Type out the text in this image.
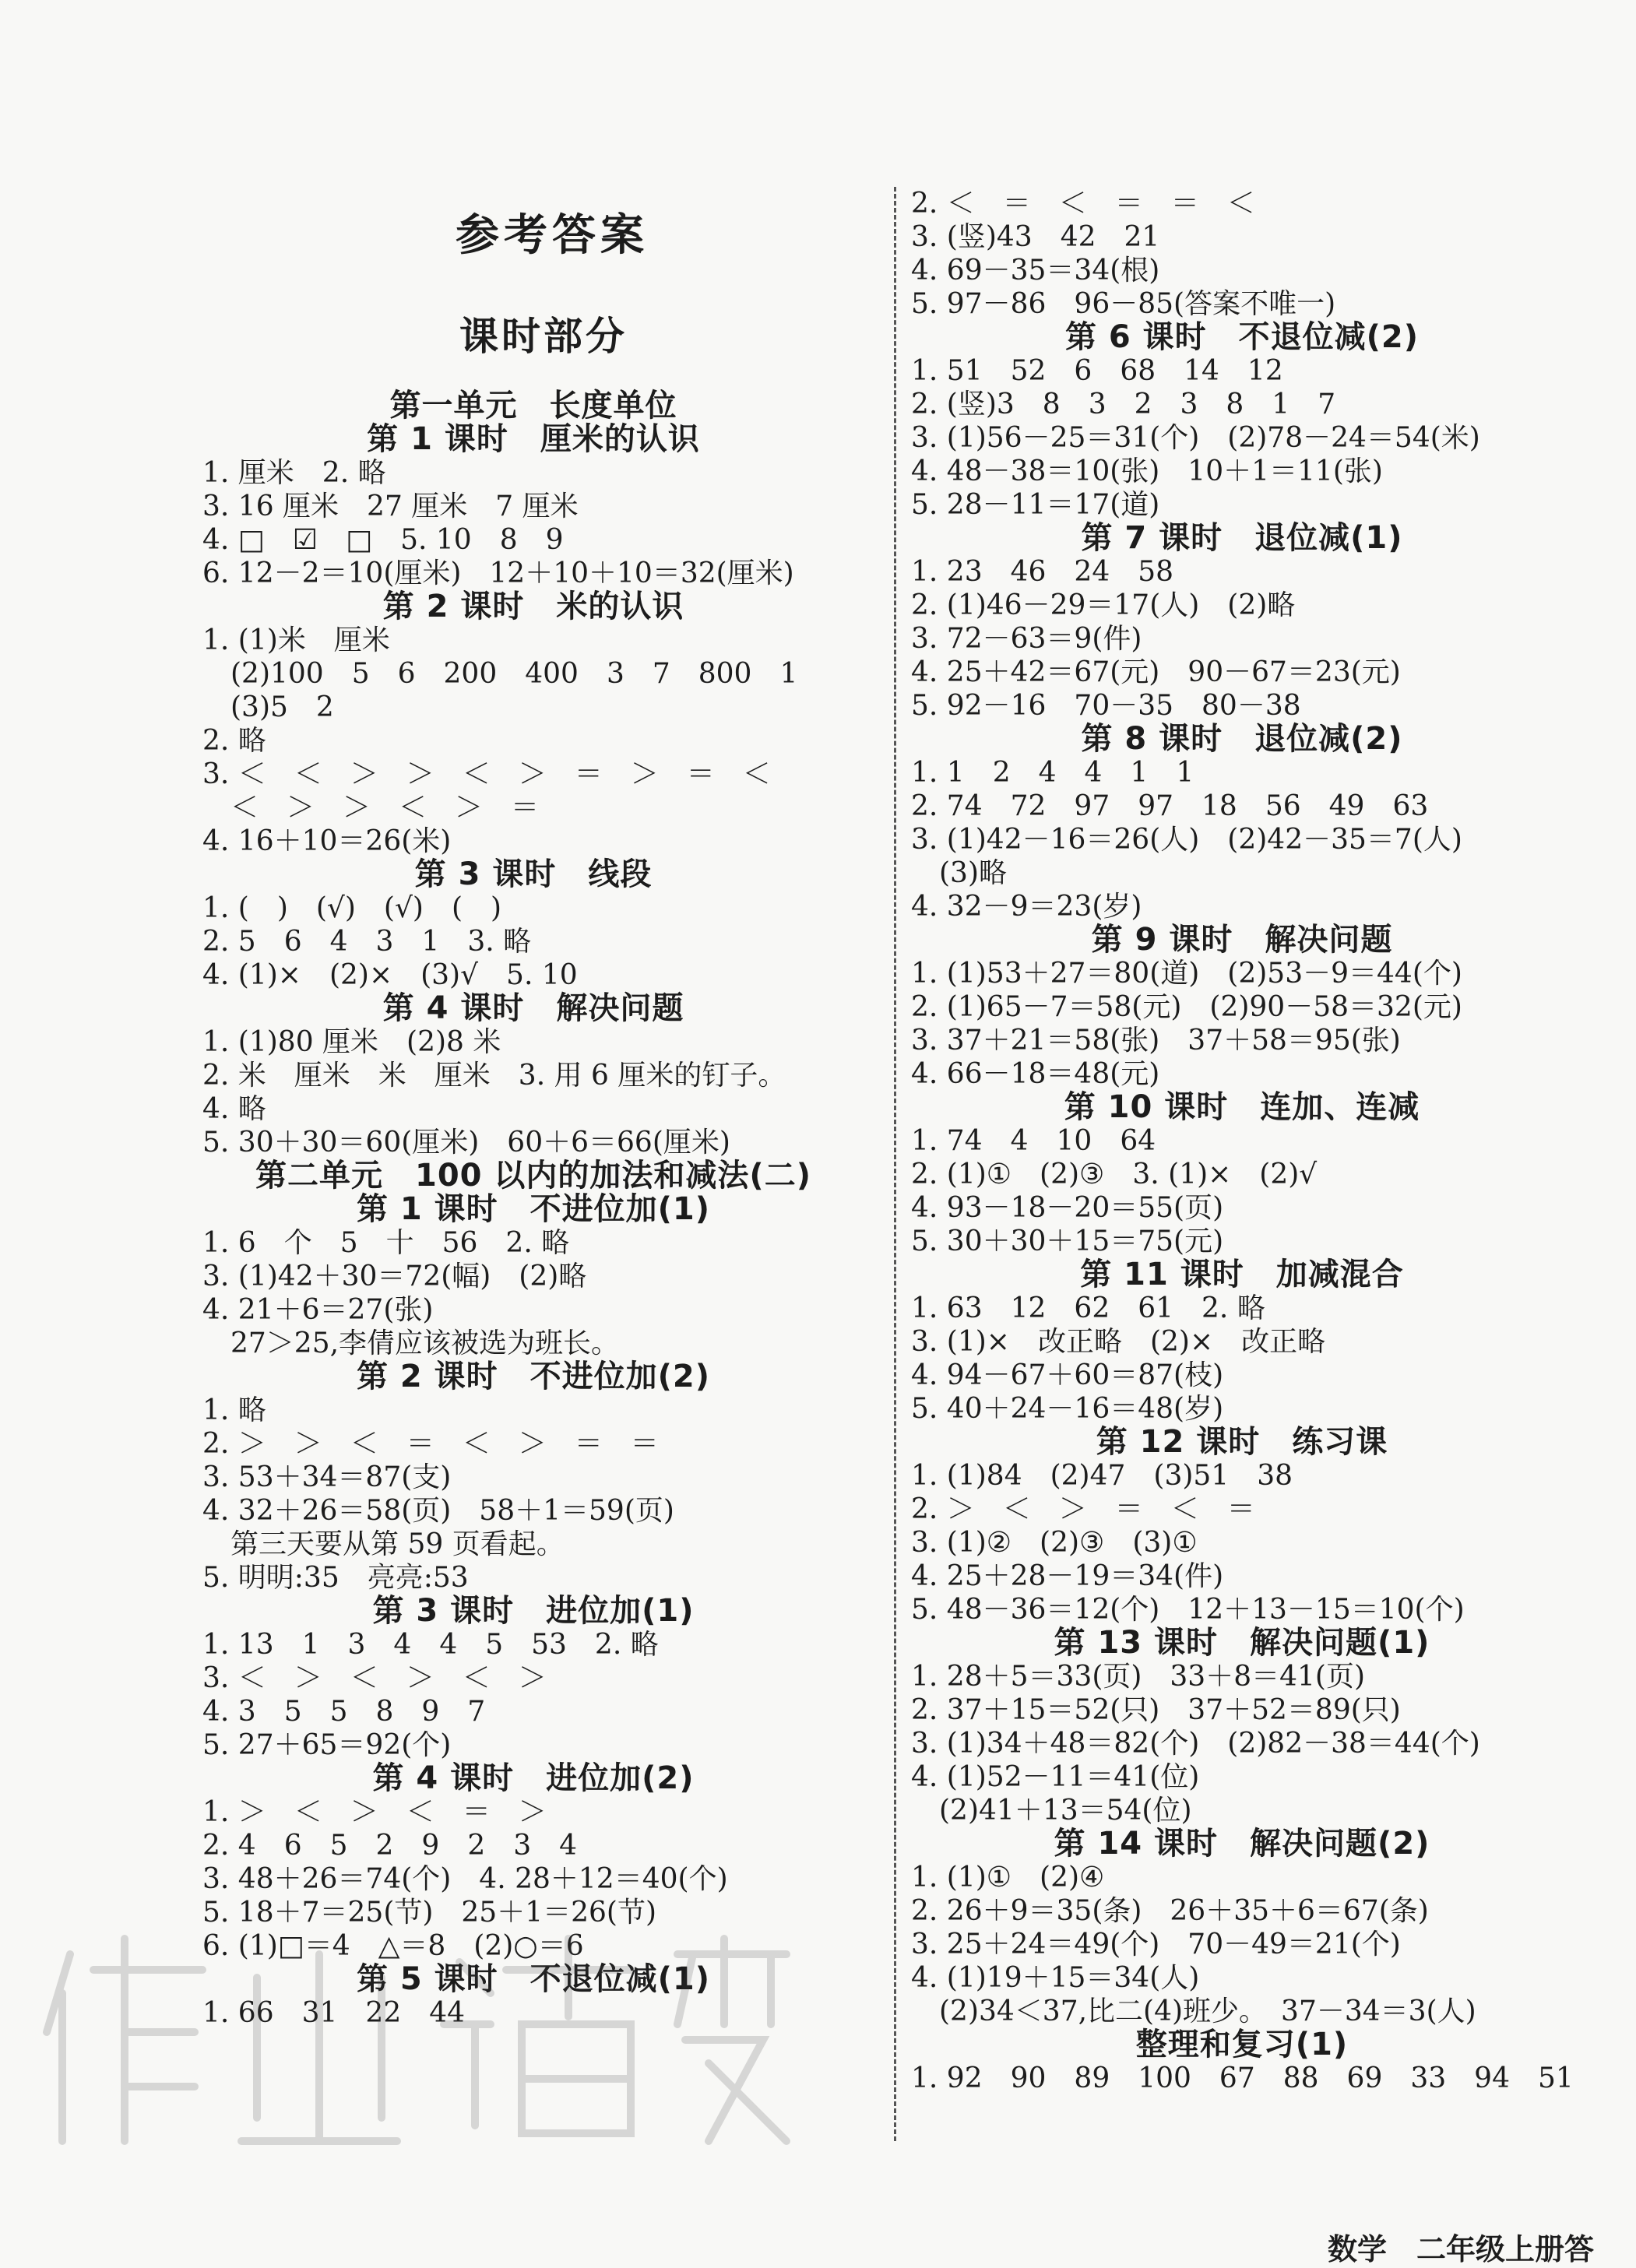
参考答案
课时部分
第一单元　长度单位
第 1 课时　厘米的认识
1. 厘米　2. 略
3. 16 厘米　27 厘米　7 厘米
4. □　☑　□　5. 10　8　9
6. 12－2＝10(厘米)　12＋10＋10＝32(厘米)
第 2 课时　米的认识
1. (1)米　厘米
　(2)100　5　6　200　400　3　7　800　1
　(3)5　2
2. 略
3. ＜　＜　＞　＞　＜　＞　＝　＞　＝　＜
　＜　＞　＞　＜　＞　＝
4. 16＋10＝26(米)
第 3 课时　线段
1. (　)　(√)　(√)　(　)
2. 5　6　4　3　1　3. 略
4. (1)×　(2)×　(3)√　5. 10
第 4 课时　解决问题
1. (1)80 厘米　(2)8 米
2. 米　厘米　米　厘米　3. 用 6 厘米的钉子。
4. 略
5. 30＋30＝60(厘米)　60＋6＝66(厘米)
第二单元　100 以内的加法和减法(二)
第 1 课时　不进位加(1)
1. 6　个　5　十　56　2. 略
3. (1)42＋30＝72(幅)　(2)略
4. 21＋6＝27(张)
　27＞25,李倩应该被选为班长。
第 2 课时　不进位加(2)
1. 略
2. ＞　＞　＜　＝　＜　＞　＝　＝
3. 53＋34＝87(支)
4. 32＋26＝58(页)　58＋1＝59(页)
　第三天要从第 59 页看起。
5. 明明:35　亮亮:53
第 3 课时　进位加(1)
1. 13　1　3　4　4　5　53　2. 略
3. ＜　＞　＜　＞　＜　＞
4. 3　5　5　8　9　7
5. 27＋65＝92(个)
第 4 课时　进位加(2)
1. ＞　＜　＞　＜　＝　＞
2. 4　6　5　2　9　2　3　4
3. 48＋26＝74(个)　4. 28＋12＝40(个)
5. 18＋7＝25(节)　25＋1＝26(节)
6. (1)□＝4　△＝8　(2)○＝6
第 5 课时　不退位减(1)
1. 66　31　22　44
2. ＜　＝　＜　＝　＝　＜
3. (竖)43　42　21
4. 69－35＝34(根)
5. 97－86　96－85(答案不唯一)
第 6 课时　不退位减(2)
1. 51　52　6　68　14　12
2. (竖)3　8　3　2　3　8　1　7
3. (1)56－25＝31(个)　(2)78－24＝54(米)
4. 48－38＝10(张)　10＋1＝11(张)
5. 28－11＝17(道)
第 7 课时　退位减(1)
1. 23　46　24　58
2. (1)46－29＝17(人)　(2)略
3. 72－63＝9(件)
4. 25＋42＝67(元)　90－67＝23(元)
5. 92－16　70－35　80－38
第 8 课时　退位减(2)
1. 1　2　4　4　1　1
2. 74　72　97　97　18　56　49　63
3. (1)42－16＝26(人)　(2)42－35＝7(人)
　(3)略
4. 32－9＝23(岁)
第 9 课时　解决问题
1. (1)53＋27＝80(道)　(2)53－9＝44(个)
2. (1)65－7＝58(元)　(2)90－58＝32(元)
3. 37＋21＝58(张)　37＋58＝95(张)
4. 66－18＝48(元)
第 10 课时　连加、连减
1. 74　4　10　64
2. (1)①　(2)③　3. (1)×　(2)√
4. 93－18－20＝55(页)
5. 30＋30＋15＝75(元)
第 11 课时　加减混合
1. 63　12　62　61　2. 略
3. (1)×　改正略　(2)×　改正略
4. 94－67＋60＝87(枝)
5. 40＋24－16＝48(岁)
第 12 课时　练习课
1. (1)84　(2)47　(3)51　38
2. ＞　＜　＞　＝　＜　＝
3. (1)②　(2)③　(3)①
4. 25＋28－19＝34(件)
5. 48－36＝12(个)　12＋13－15＝10(个)
第 13 课时　解决问题(1)
1. 28＋5＝33(页)　33＋8＝41(页)
2. 37＋15＝52(只)　37＋52＝89(只)
3. (1)34＋48＝82(个)　(2)82－38＝44(个)
4. (1)52－11＝41(位)
　(2)41＋13＝54(位)
第 14 课时　解决问题(2)
1. (1)①　(2)④
2. 26＋9＝35(条)　26＋35＋6＝67(条)
3. 25＋24＝49(个)　70－49＝21(个)
4. (1)19＋15＝34(人)
　(2)34＜37,比二(4)班少。　37－34＝3(人)
整理和复习(1)
1. 92　90　89　100　67　88　69　33　94　51
数学　二年级上册答
